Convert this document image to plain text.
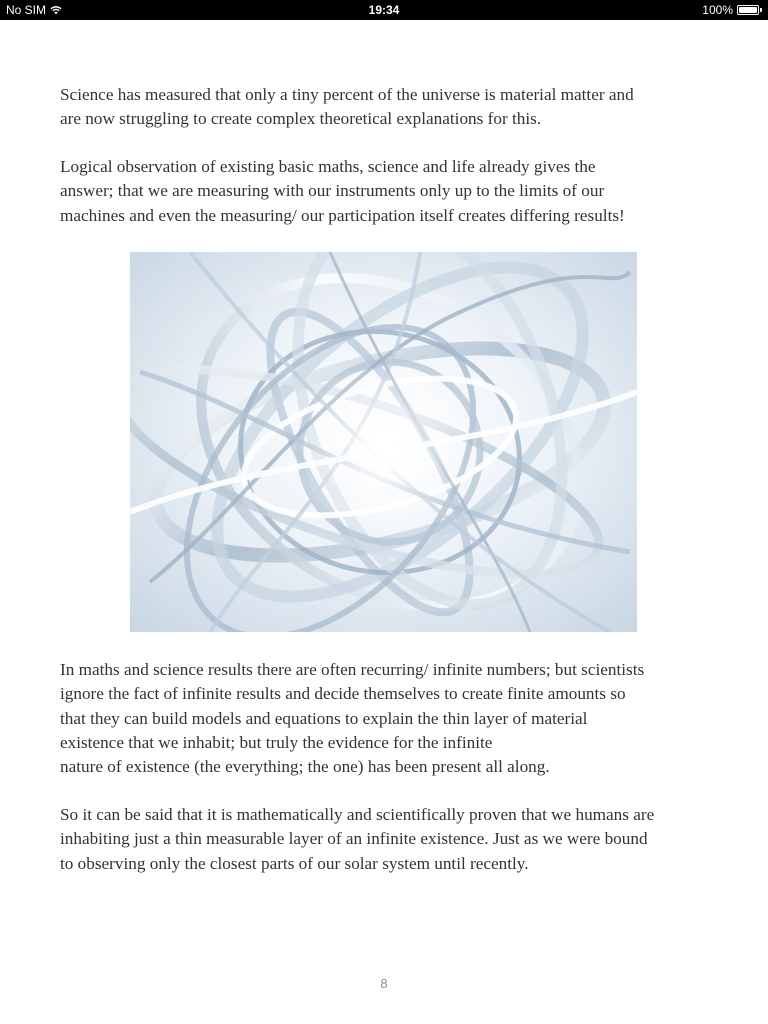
No SIM	19:34	100%

Science has measured that only a tiny percent of the universe is material matter and
are now struggling to create complex theoretical explanations for this.

Logical observation of existing basic maths, science and life already gives the
answer; that we are measuring with our instruments only up to the limits of our
machines and even the measuring/ our participation itself creates differing results!

In maths and science results there are often recurring/ infinite numbers; but scientists
ignore the fact of infinite results and decide themselves to create finite amounts so
that they can build models and equations to explain the thin layer of material
existence that we inhabit; but truly the evidence for the infinite
nature of existence (the everything; the one) has been present all along.

So it can be said that it is mathematically and scientifically proven that we humans are
inhabiting just a thin measurable layer of an infinite existence. Just as we were bound
to observing only the closest parts of our solar system until recently.

8
